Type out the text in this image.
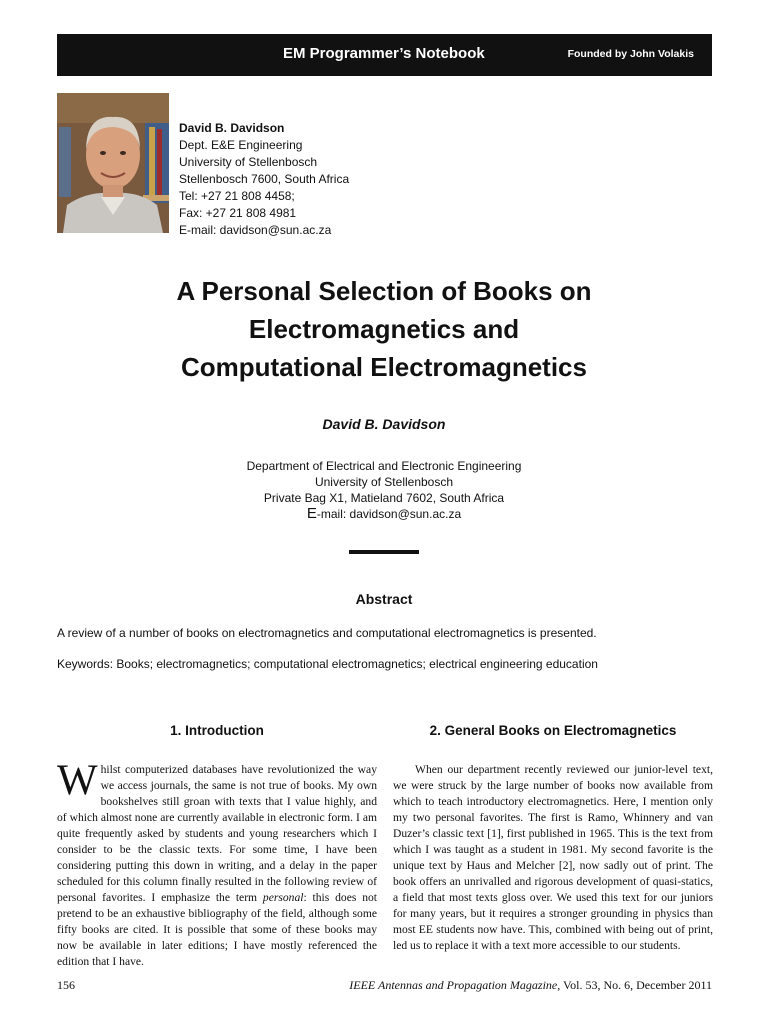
EM Programmer’s Notebook	Founded by John Volakis
David B. Davidson
Dept. E&E Engineering
University of Stellenbosch
Stellenbosch 7600, South Africa
Tel: +27 21 808 4458;
Fax: +27 21 808 4981
E-mail: davidson@sun.ac.za
A Personal Selection of Books on
Electromagnetics and
Computational Electromagnetics
David B. Davidson
Department of Electrical and Electronic Engineering
University of Stellenbosch
Private Bag X1, Matieland 7602, South Africa
E-mail: davidson@sun.ac.za
Abstract
A review of a number of books on electromagnetics and computational electromagnetics is presented.
Keywords: Books; electromagnetics; computational electromagnetics; electrical engineering education
1. Introduction	2. General Books on Electromagnetics

Whilst computerized databases have revolutionized the way we access journals, the same is not true of books. My own bookshelves still groan with texts that I value highly, and of which almost none are currently available in electronic form. I am quite frequently asked by students and young researchers which I consider to be the classic texts. For some time, I have been considering putting this down in writing, and a delay in the paper scheduled for this column finally resulted in the following review of personal favorites. I emphasize the term personal: this does not pretend to be an exhaustive bibliography of the field, although some fifty books are cited. It is possible that some of these books may now be available in later editions; I have mostly referenced the edition that I have.

When our department recently reviewed our junior-level text, we were struck by the large number of books now available from which to teach introductory electromagnetics. Here, I mention only my two personal favorites. The first is Ramo, Whinnery and van Duzer’s classic text [1], first published in 1965. This is the text from which I was taught as a student in 1981. My second favorite is the unique text by Haus and Melcher [2], now sadly out of print. The book offers an unrivalled and rigorous development of quasi-statics, a field that most texts gloss over. We used this text for our juniors for many years, but it requires a stronger grounding in physics than most EE students now have. This, combined with being out of print, led us to replace it with a text more accessible to our students.

156	IEEE Antennas and Propagation Magazine, Vol. 53, No. 6, December 2011
